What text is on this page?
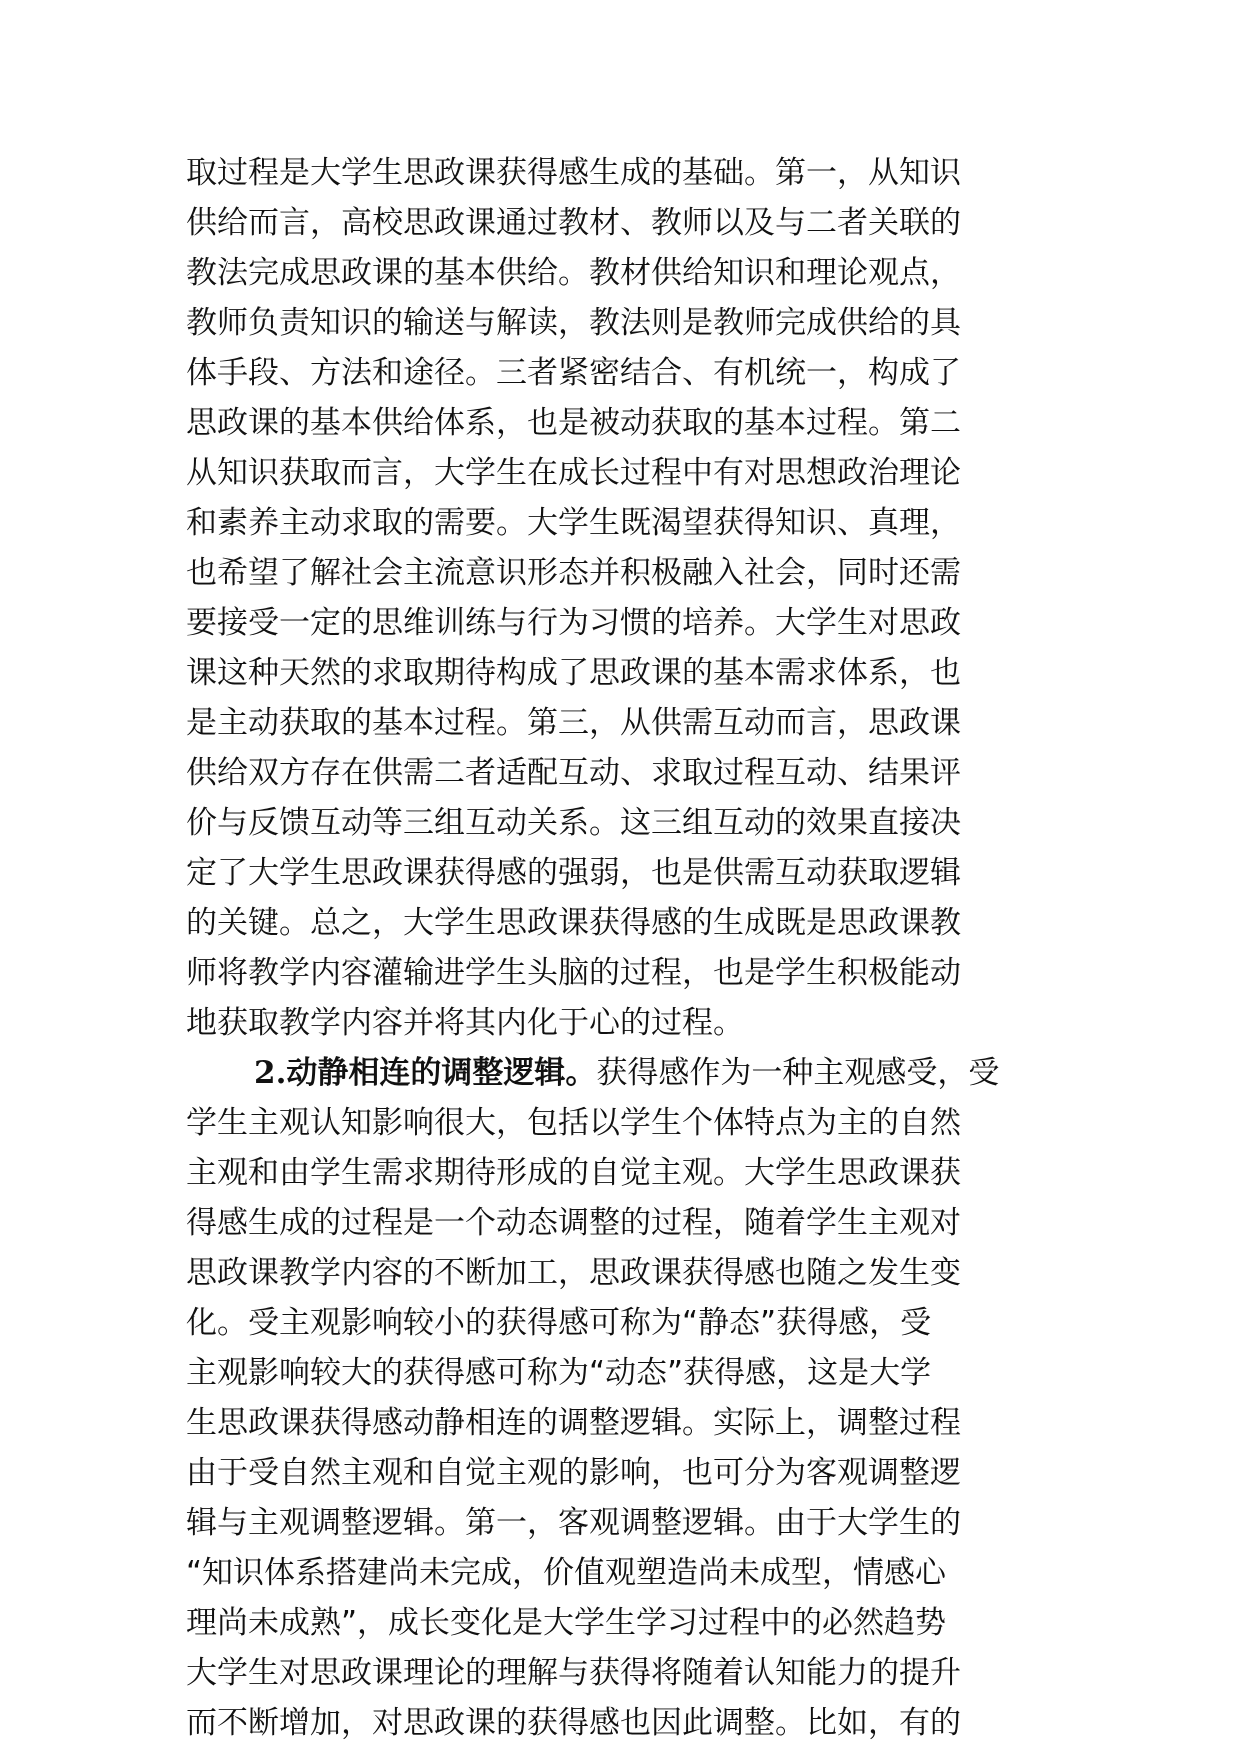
取过程是大学生思政课获得感生成的基础。第一，从知识
供给而言，高校思政课通过教材、教师以及与二者关联的
教法完成思政课的基本供给。教材供给知识和理论观点，
教师负责知识的输送与解读，教法则是教师完成供给的具
体手段、方法和途径。三者紧密结合、有机统一，构成了
思政课的基本供给体系，也是被动获取的基本过程。第二
从知识获取而言，大学生在成长过程中有对思想政治理论
和素养主动求取的需要。大学生既渴望获得知识、真理，
也希望了解社会主流意识形态并积极融入社会，同时还需
要接受一定的思维训练与行为习惯的培养。大学生对思政
课这种天然的求取期待构成了思政课的基本需求体系，也
是主动获取的基本过程。第三，从供需互动而言，思政课
供给双方存在供需二者适配互动、求取过程互动、结果评
价与反馈互动等三组互动关系。这三组互动的效果直接决
定了大学生思政课获得感的强弱，也是供需互动获取逻辑
的关键。总之，大学生思政课获得感的生成既是思政课教
师将教学内容灌输进学生头脑的过程，也是学生积极能动
地获取教学内容并将其内化于心的过程。
2.动静相连的调整逻辑。获得感作为一种主观感受，受
学生主观认知影响很大，包括以学生个体特点为主的自然
主观和由学生需求期待形成的自觉主观。大学生思政课获
得感生成的过程是一个动态调整的过程，随着学生主观对
思政课教学内容的不断加工，思政课获得感也随之发生变
化。受主观影响较小的获得感可称为“静态”获得感，受
主观影响较大的获得感可称为“动态”获得感，这是大学
生思政课获得感动静相连的调整逻辑。实际上，调整过程
由于受自然主观和自觉主观的影响，也可分为客观调整逻
辑与主观调整逻辑。第一，客观调整逻辑。由于大学生的
“知识体系搭建尚未完成，价值观塑造尚未成型，情感心
理尚未成熟”，成长变化是大学生学习过程中的必然趋势
大学生对思政课理论的理解与获得将随着认知能力的提升
而不断增加，对思政课的获得感也因此调整。比如，有的
